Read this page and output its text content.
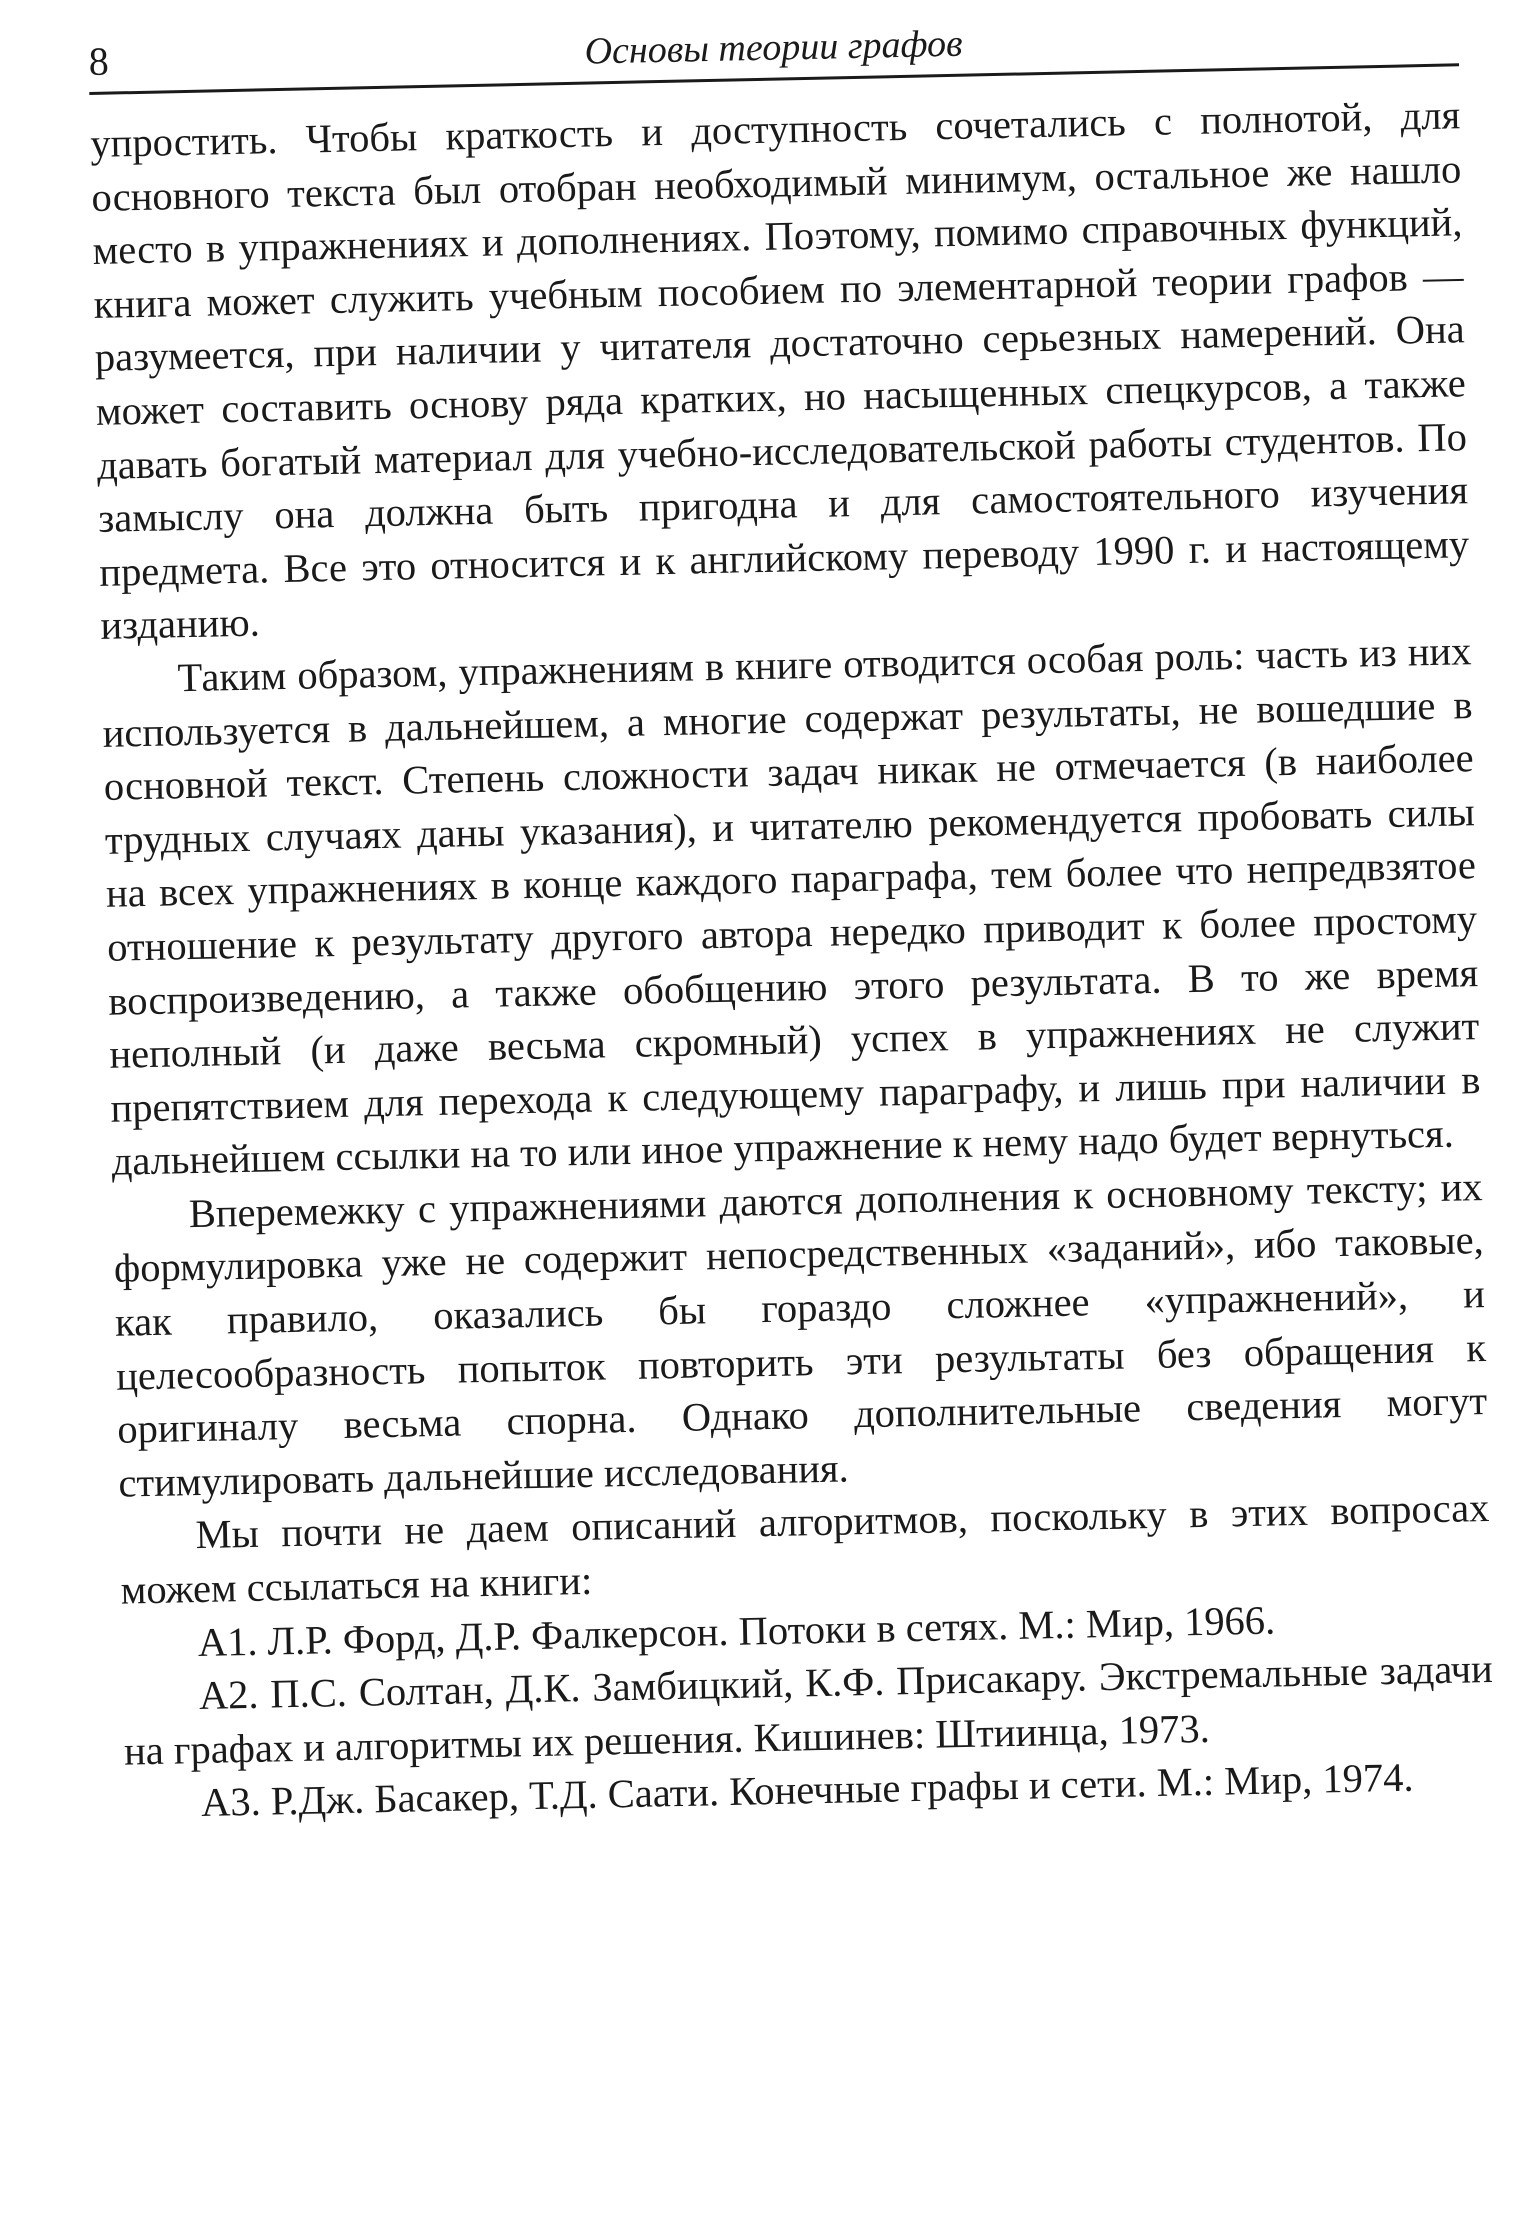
8	Основы теории графов

упростить. Чтобы краткость и доступность сочетались с полнотой, для основного текста был отобран необходимый минимум, остальное же нашло место в упражнениях и дополнениях. Поэтому, помимо справочных функций, книга может служить учебным пособием по элементарной теории графов — разумеется, при наличии у читателя достаточно серьезных намерений. Она может составить основу ряда кратких, но насыщенных спецкурсов, а также давать богатый материал для учебно-исследовательской работы студентов. По замыслу она должна быть пригодна и для самостоятельного изучения предмета. Все это относится и к английскому переводу 1990 г. и настоящему изданию.

Таким образом, упражнениям в книге отводится особая роль: часть из них используется в дальнейшем, а многие содержат результаты, не вошедшие в основной текст. Степень сложности задач никак не отмечается (в наиболее трудных случаях даны указания), и читателю рекомендуется пробовать силы на всех упражнениях в конце каждого параграфа, тем более что непредвзятое отношение к результату другого автора нередко приводит к более простому воспроизведению, а также обобщению этого результата. В то же время неполный (и даже весьма скромный) успех в упражнениях не служит препятствием для перехода к следующему параграфу, и лишь при наличии в дальнейшем ссылки на то или иное упражнение к нему надо будет вернуться.

Вперемежку с упражнениями даются дополнения к основному тексту; их формулировка уже не содержит непосредственных «заданий», ибо таковые, как правило, оказались бы гораздо сложнее «упражнений», и целесообразность попыток повторить эти результаты без обращения к оригиналу весьма спорна. Однако дополнительные сведения могут стимулировать дальнейшие исследования.

Мы почти не даем описаний алгоритмов, поскольку в этих вопросах можем ссылаться на книги:

А1. Л.Р. Форд, Д.Р. Фалкерсон. Потоки в сетях. М.: Мир, 1966.

А2. П.С. Солтан, Д.К. Замбицкий, К.Ф. Присакару. Экстремальные задачи на графах и алгоритмы их решения. Кишинев: Штиинца, 1973.

А3. Р.Дж. Басакер, Т.Д. Саати. Конечные графы и сети. М.: Мир, 1974.
